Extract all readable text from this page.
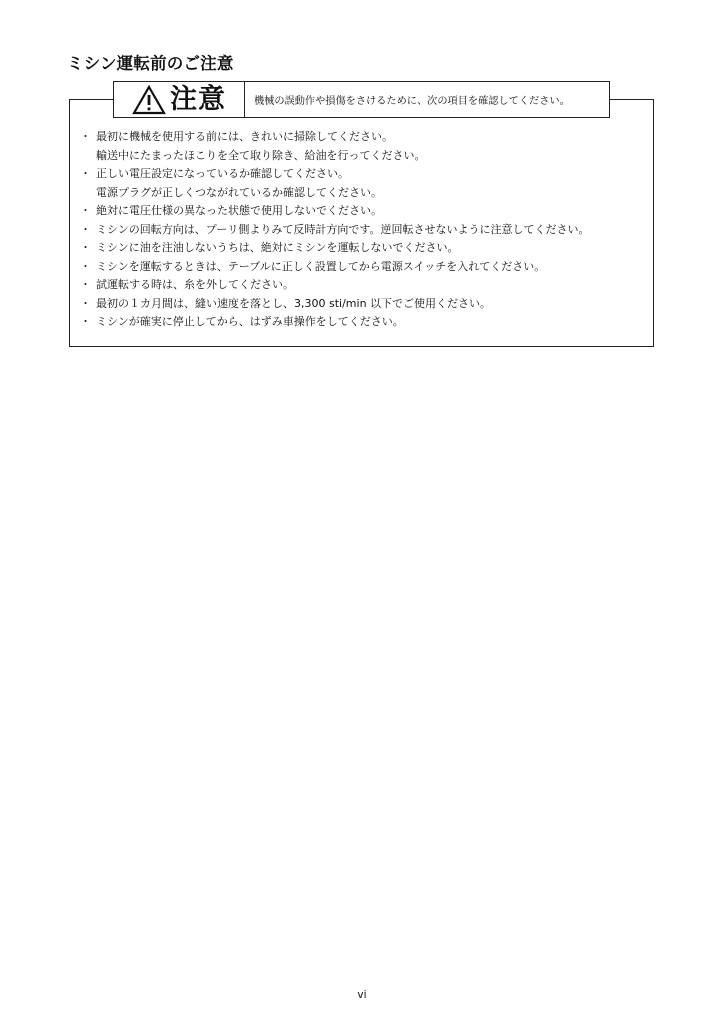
ミシン運転前のご注意
注意	機械の誤動作や損傷をさけるために、次の項目を確認してください。
・ 最初に機械を使用する前には、きれいに掃除してください。
輸送中にたまったほこりを全て取り除き、給油を行ってください。
・ 正しい電圧設定になっているか確認してください。
電源プラグが正しくつながれているか確認してください。
・ 絶対に電圧仕様の異なった状態で使用しないでください。
・ ミシンの回転方向は、プーリ側よりみて反時計方向です。逆回転させないように注意してください。
・ ミシンに油を注油しないうちは、絶対にミシンを運転しないでください。
・ ミシンを運転するときは、テーブルに正しく設置してから電源スイッチを入れてください。
・ 試運転する時は、糸を外してください。
・ 最初の１カ月間は、縫い速度を落とし、3,300 sti/min 以下でご使用ください。
・ ミシンが確実に停止してから、はずみ車操作をしてください。
vi
